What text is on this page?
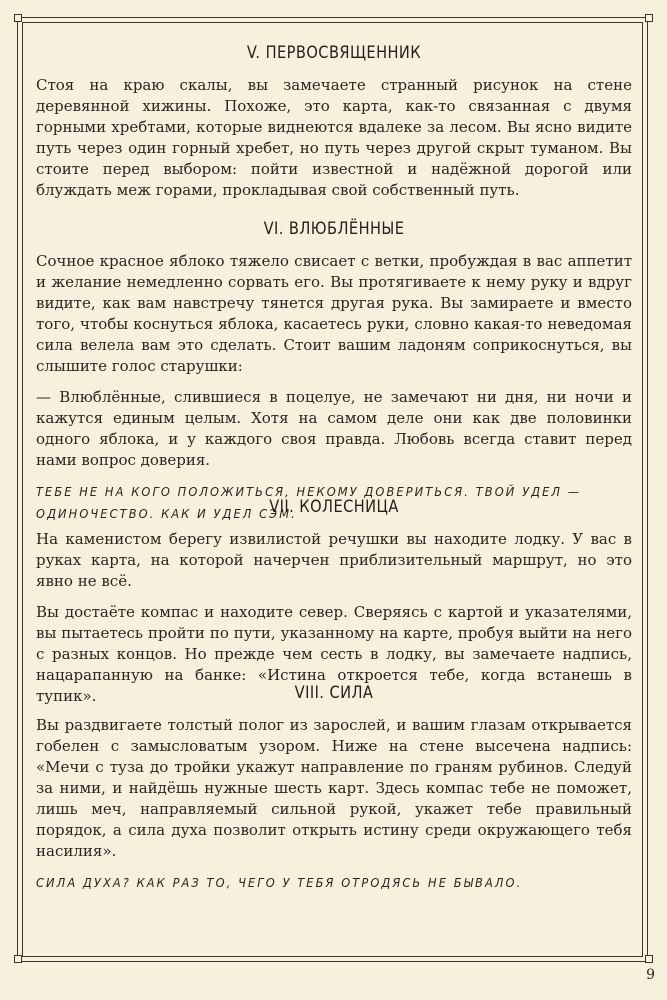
V. ПЕРВОСВЯЩЕННИК

Стоя на краю скалы, вы замечаете странный рисунок на стене деревянной хижины. Похоже, это карта, как-то связанная с двумя горными хребтами, которые виднеются вдалеке за лесом. Вы ясно видите путь через один горный хребет, но путь через другой скрыт туманом. Вы стоите перед выбором: пойти известной и надёжной дорогой или блуждать меж горами, прокладывая свой собственный путь.

VI. ВЛЮБЛЁННЫЕ

Сочное красное яблоко тяжело свисает с ветки, пробуждая в вас аппетит и желание немедленно сорвать его. Вы протягиваете к нему руку и вдруг видите, как вам навстречу тянется другая рука. Вы замираете и вместо того, чтобы коснуться яблока, касаетесь руки, словно какая-то неведомая сила велела вам это сделать. Стоит вашим ладоням соприкоснуться, вы слышите голос старушки:

— Влюблённые, слившиеся в поцелуе, не замечают ни дня, ни ночи и кажутся единым целым. Хотя на самом деле они как две половинки одного яблока, и у каждого своя правда. Любовь всегда ставит перед нами вопрос доверия.

ТЕБЕ НЕ НА КОГО ПОЛОЖИТЬСЯ, НЕКОМУ ДОВЕРИТЬСЯ. ТВОЙ УДЕЛ — ОДИНОЧЕСТВО. КАК И УДЕЛ СЭМ.
VII. КОЛЕСНИЦА

На каменистом берегу извилистой речушки вы находите лодку. У вас в руках карта, на которой начерчен приблизительный маршрут, но это явно не всё.

Вы достаёте компас и находите север. Сверяясь с картой и указателями, вы пытаетесь пройти по пути, указанному на карте, пробуя выйти на него с разных концов. Но прежде чем сесть в лодку, вы замечаете надпись, нацарапанную на банке: «Истина откроется тебе, когда встанешь в тупик».	VIII. СИЛА

Вы раздвигаете толстый полог из зарослей, и вашим глазам открывается гобелен с замысловатым узором. Ниже на стене высечена надпись: «Мечи с туза до тройки укажут направление по граням рубинов. Следуй за ними, и найдёшь нужные шесть карт. Здесь компас тебе не поможет, лишь меч, направляемый сильной рукой, укажет тебе правильный порядок, а сила духа позволит открыть истину среди окружающего тебя насилия».

СИЛА ДУХА? КАК РАЗ ТО, ЧЕГО У ТЕБЯ ОТРОДЯСЬ НЕ БЫВАЛО.
9
